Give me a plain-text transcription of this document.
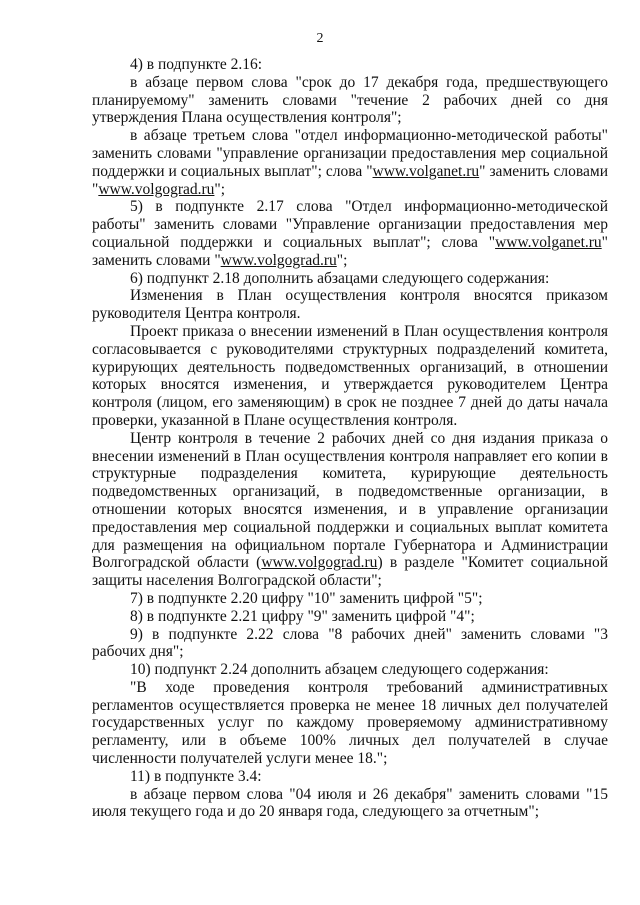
2

4) в подпункте 2.16:

в абзаце первом слова "срок до 17 декабря года, предшествующего планируемому" заменить словами "течение 2 рабочих дней со дня утверждения Плана осуществления контроля";

в абзаце третьем слова "отдел информационно-методической работы" заменить словами "управление организации предоставления мер социальной поддержки и социальных выплат"; слова "www.volganet.ru" заменить словами "www.volgograd.ru";

5) в подпункте 2.17 слова "Отдел информационно-методической работы" заменить словами "Управление организации предоставления мер социальной поддержки и социальных выплат"; слова "www.volganet.ru" заменить словами "www.volgograd.ru";

6) подпункт 2.18 дополнить абзацами следующего содержания:

Изменения в План осуществления контроля вносятся приказом руководителя Центра контроля.

Проект приказа о внесении изменений в План осуществления контроля согласовывается с руководителями структурных подразделений комитета, курирующих деятельность подведомственных организаций, в отношении которых вносятся изменения, и утверждается руководителем Центра контроля (лицом, его заменяющим) в срок не позднее 7 дней до даты начала проверки, указанной в Плане осуществления контроля.

Центр контроля в течение 2 рабочих дней со дня издания приказа о внесении изменений в План осуществления контроля направляет его копии в структурные подразделения комитета, курирующие деятельность подведомственных организаций, в подведомственные организации, в отношении которых вносятся изменения, и в управление организации предоставления мер социальной поддержки и социальных выплат комитета для размещения на официальном портале Губернатора и Администрации Волгоградской области (www.volgograd.ru) в разделе "Комитет социальной защиты населения Волгоградской области";

7) в подпункте 2.20 цифру "10" заменить цифрой "5";

8) в подпункте 2.21 цифру "9" заменить цифрой "4";

9) в подпункте 2.22 слова "8 рабочих дней" заменить словами "3 рабочих дня";

10) подпункт 2.24 дополнить абзацем следующего содержания:

"В ходе проведения контроля требований административных регламентов осуществляется проверка не менее 18 личных дел получателей государственных услуг по каждому проверяемому административному регламенту, или в объеме 100% личных дел получателей в случае численности получателей услуги менее 18.";

11) в подпункте 3.4:

в абзаце первом слова "04 июля и 26 декабря" заменить словами "15 июля текущего года и до 20 января года, следующего за отчетным";
